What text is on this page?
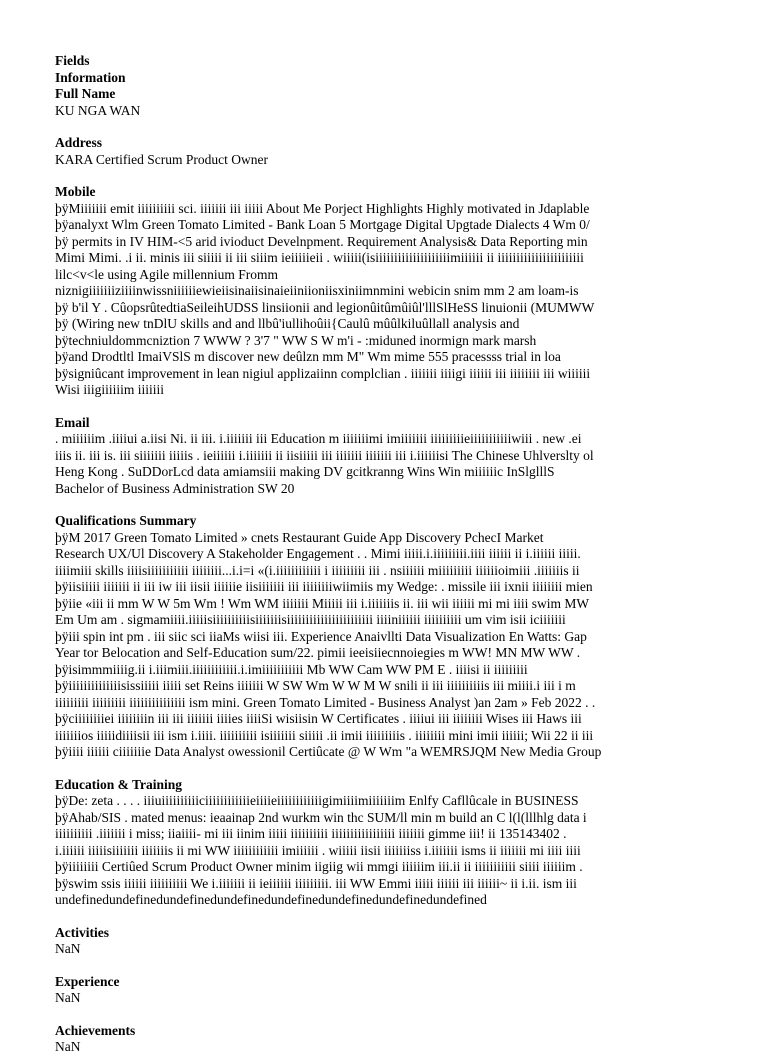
Fields
Information
Full Name
KU NGA WAN
Address
KARA Certified Scrum Product Owner
Mobile
þÿMiiiiiii emit iiiiiiiiii sci. iiiiiii iii iiiii About Me Porject Highlights Highly motivated in Jdaplable
þÿanalyxt Wlm Green Tomato Limited - Bank Loan 5 Mortgage Digital Upgtade Dialects 4 Wm 0/
þÿ permits in IV HIM-<5 arid ivioduct Develnpment. Requirement Analysis& Data Reporting min
Mimi Mimi. .i ii. minis iii siiiii ii iii siiim ieiiiiieii . wiiiii(isiiiiiiiiiiiiiiiiiiiimiiiiii ii iiiiiiiiiiiiiiiiiiiiiii
lilc<v<le using Agile millennium Fromm
niznigiiiiiiiziiiinwissniiiiiiewieiisinaiisinaieiiniioniisxiniimnmini webicin snim mm 2 am loam-is
þÿ b'il Y . CûopsrûtedtiaSeileihUDSS linsiionii and legionûitûmûiûl'lllSlHeSS linuionii (MUMWW
þÿ (Wiring new tnDlU skills and and llbû'iullihoûii{Caulû mûûlkiluûllall analysis and
þÿtechniuldommcniztion 7 WWW ? 3'7 " WW S W m'i - :miduned inormign mark marsh
þÿand Drodtltl ImaiVSlS m discover new deûlzn mm M" Wm mime 555 pracessss trial in loa
þÿsigniûcant improvement in lean nigiul applizaiinn complclian . iiiiiii iiiigi iiiiii iii iiiiiiii iii wiiiiii
Wisi iiigiiiiiim iiiiiii
Email
. miiiiiim .iiiiui a.iisi Ni. ii iii. i.iiiiiii iii Education m iiiiiiimi imiiiiiii iiiiiiiiieiiiiiiiiiiiwiii . new .ei
iiis ii. iii is. iii siiiiiii iiiiis . ieiiiiii i.iiiiiii ii iisiiiii iii iiiiiii iiiiiii iii i.iiiiiisi The Chinese Uhlverslty ol
Heng Kong . SuDDorLcd data amiamsiii making DV gcitkranng Wins Win miiiiiic InSlglllS
Bachelor of Business Administration SW 20
Qualifications Summary
þÿM 2017 Green Tomato Limited » cnets Restaurant Guide App Discovery PchecI Market
Research UX/Ul Discovery A Stakeholder Engagement . . Mimi iiiii.i.iiiiiiiii.iiii iiiiii ii i.iiiiii iiiii.
iiiimiii skills iiiisiiiiiiiiiii iiiiiiii...i.i=i «(i.iiiiiiiiiiii i iiiiiiiii iii . nsiiiiii miiiiiiiii iiiiiioimiii .iiiiiiis ii
þÿiisiiiii iiiiiii ii iii iw iii iisii iiiiiie iisiiiiiii iii iiiiiiiiwiimiis my Wedge: . missile iii ixnii iiiiiiii mien
þÿiie «iii ii mm W W 5m Wm ! Wm WM iiiiiii Miiiii iii i.iiiiiiis ii. iii wii iiiiii mi mi iiii swim MW
Em Um am . sigmamiiii.iiiiisiiiiiiiiiisiiiiiiisiiiiiiiiiiiiiiiiiiiiiii iiiiniiiiii iiiiiiiiii um vim isii iciiiiiii
þÿiii spin int pm . iii siic sci iiaMs wiisi iii. Experience Anaivllti Data Visualization En Watts: Gap
Year tor Belocation and Self-Education sum/22. pimii ieeisiiecnnoiegies m WW! MN MW WW .
þÿisimmmiiiig.ii i.iiimiii.iiiiiiiiiiii.i.imiiiiiiiiiii Mb WW Cam WW PM E . iiiisi ii iiiiiiiii
þÿiiiiiiiiiiiiiisissiiiii iiiii set Reins iiiiiii W SW Wm W W M W snili ii iii iiiiiiiiiis iii miiii.i iii i m
iiiiiiiii iiiiiiiii iiiiiiiiiiiiiii ism mini. Green Tomato Limited - Business Analyst )an 2am » Feb 2022 . .
þÿciiiiiiiiei iiiiiiiin iii iii iiiiiii iiiies iiiiSi wisiisin W Certificates . iiiiui iii iiiiiiii Wises iii Haws iii
iiiiiiios iiiiidiiiisii iii ism i.iiii. iiiiiiiiii isiiiiiii siiiii .ii imii iiiiiiiiis . iiiiiiii mini imii iiiiii; Wii 22 ii iii
þÿiiii iiiiii ciiiiiiie Data Analyst owessionil Certiûcate @ W Wm "a WEMRSJQM New Media Group
Education & Training
þÿDe: zeta . . . . iiiuiiiiiiiiiiciiiiiiiiiiiieiiiieiiiiiiiiiiiigimiiiimiiiiiiim Enlfy Cafllûcale in BUSINESS
þÿAhab/SIS . mated menus: ieaainap 2nd wurkm win thc SUM/ll min m build an C l(l(lllhlg data i
iiiiiiiiii .iiiiiii i miss; iiaiiii- mi iii iinim iiiii iiiiiiiiii iiiiiiiiiiiiiiiii iiiiiii gimme iii! ii 135143402 .
i.iiiiii iiiiisiiiiiii iiiiiiis ii mi WW iiiiiiiiiiii imiiiiii . wiiiii iisii iiiiiiiss i.iiiiiii isms ii iiiiiii mi iiii iiii
þÿiiiiiiii Certiûed Scrum Product Owner minim iigiig wii mmgi iiiiiim iii.ii ii iiiiiiiiiii siiii iiiiiim .
þÿswim ssis iiiiii iiiiiiiiii We i.iiiiiii ii ieiiiiii iiiiiiiii. iii WW Emmi iiiii iiiiii iii iiiiii~ ii i.ii. ism iii
undefinedundefinedundefinedundefinedundefinedundefinedundefinedundefined
Activities
NaN
Experience
NaN
Achievements
NaN
